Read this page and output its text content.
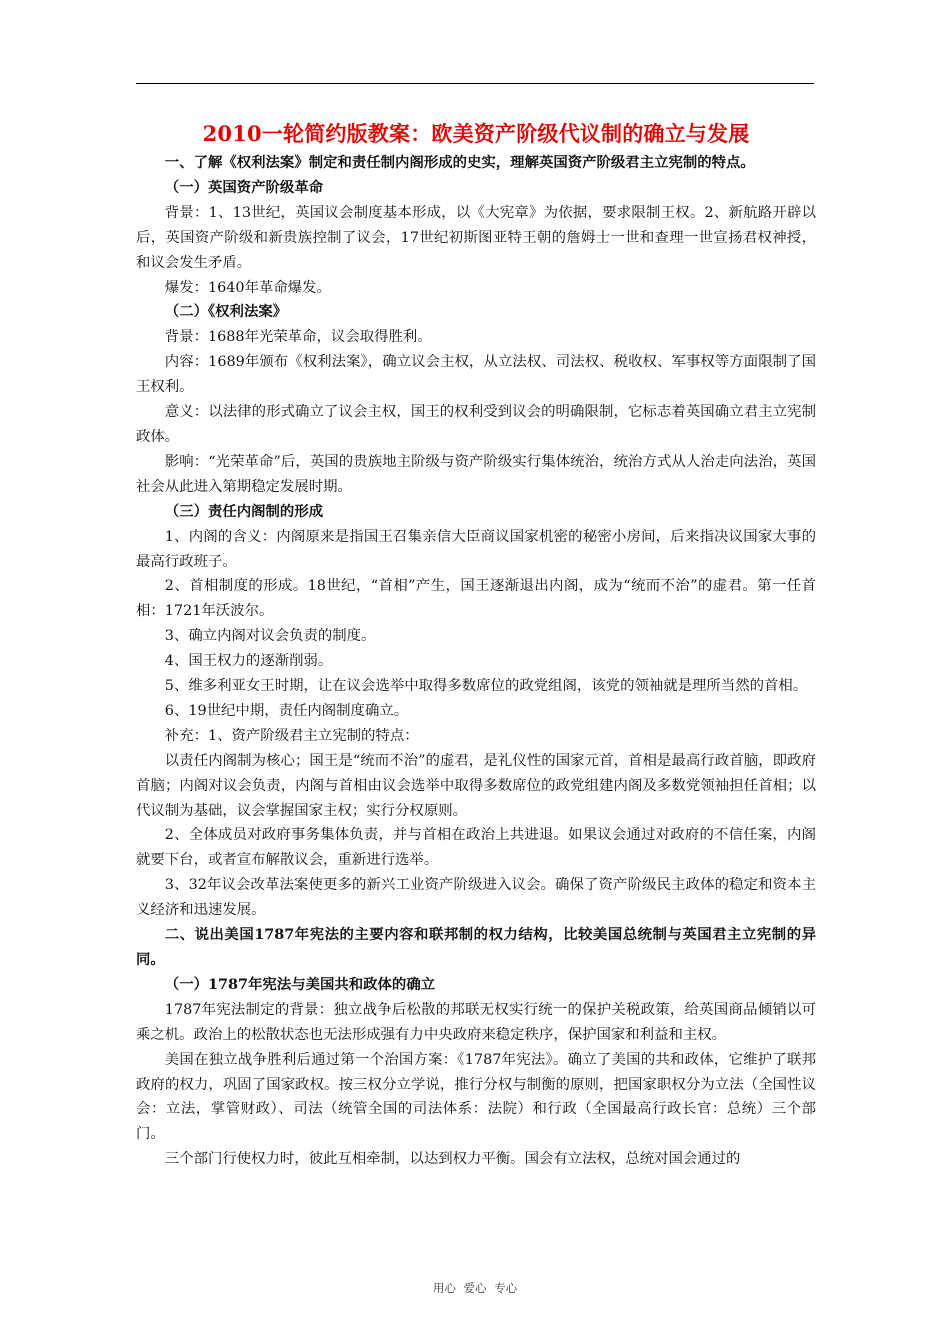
2010一轮简约版教案：欧美资产阶级代议制的确立与发展

一、了解《权利法案》制定和责任制内阁形成的史实，理解英国资产阶级君主立宪制的特点。

（一）英国资产阶级革命

背景：1、13世纪，英国议会制度基本形成，以《大宪章》为依据，要求限制王权。2、新航路开辟以后，英国资产阶级和新贵族控制了议会，17世纪初斯图亚特王朝的詹姆士一世和查理一世宣扬君权神授，和议会发生矛盾。

爆发：1640年革命爆发。

（二）《权利法案》

背景：1688年光荣革命，议会取得胜利。

内容：1689年颁布《权利法案》，确立议会主权，从立法权、司法权、税收权、军事权等方面限制了国王权利。

意义：以法律的形式确立了议会主权，国王的权利受到议会的明确限制，它标志着英国确立君主立宪制政体。

影响：“光荣革命”后，英国的贵族地主阶级与资产阶级实行集体统治，统治方式从人治走向法治，英国社会从此进入第期稳定发展时期。

（三）责任内阁制的形成

1、内阁的含义：内阁原来是指国王召集亲信大臣商议国家机密的秘密小房间，后来指决议国家大事的最高行政班子。

2、首相制度的形成。18世纪，“首相”产生，国王逐渐退出内阁，成为“统而不治”的虚君。第一任首相：1721年沃波尔。

3、确立内阁对议会负责的制度。

4、国王权力的逐渐削弱。

5、维多利亚女王时期，让在议会选举中取得多数席位的政党组阁，该党的领袖就是理所当然的首相。

6、19世纪中期，责任内阁制度确立。

补充：1、资产阶级君主立宪制的特点：

以责任内阁制为核心；国王是“统而不治”的虚君，是礼仪性的国家元首，首相是最高行政首脑，即政府首脑；内阁对议会负责，内阁与首相由议会选举中取得多数席位的政党组建内阁及多数党领袖担任首相；以代议制为基础，议会掌握国家主权；实行分权原则。

2、全体成员对政府事务集体负责，并与首相在政治上共进退。如果议会通过对政府的不信任案，内阁就要下台，或者宣布解散议会，重新进行选举。

3、32年议会改革法案使更多的新兴工业资产阶级进入议会。确保了资产阶级民主政体的稳定和资本主义经济和迅速发展。

二、说出美国1787年宪法的主要内容和联邦制的权力结构，比较美国总统制与英国君主立宪制的异同。

（一）1787年宪法与美国共和政体的确立

1787年宪法制定的背景：独立战争后松散的邦联无权实行统一的保护关税政策，给英国商品倾销以可乘之机。政治上的松散状态也无法形成强有力中央政府来稳定秩序，保护国家和利益和主权。

美国在独立战争胜利后通过第一个治国方案：《1787年宪法》。确立了美国的共和政体，它维护了联邦政府的权力，巩固了国家政权。按三权分立学说，推行分权与制衡的原则，把国家职权分为立法（全国性议会：立法，掌管财政）、司法（统管全国的司法体系：法院）和行政（全国最高行政长官：总统）三个部门。

三个部门行使权力时，彼此互相牵制，以达到权力平衡。国会有立法权，总统对国会通过的

用心 爱心 专心
